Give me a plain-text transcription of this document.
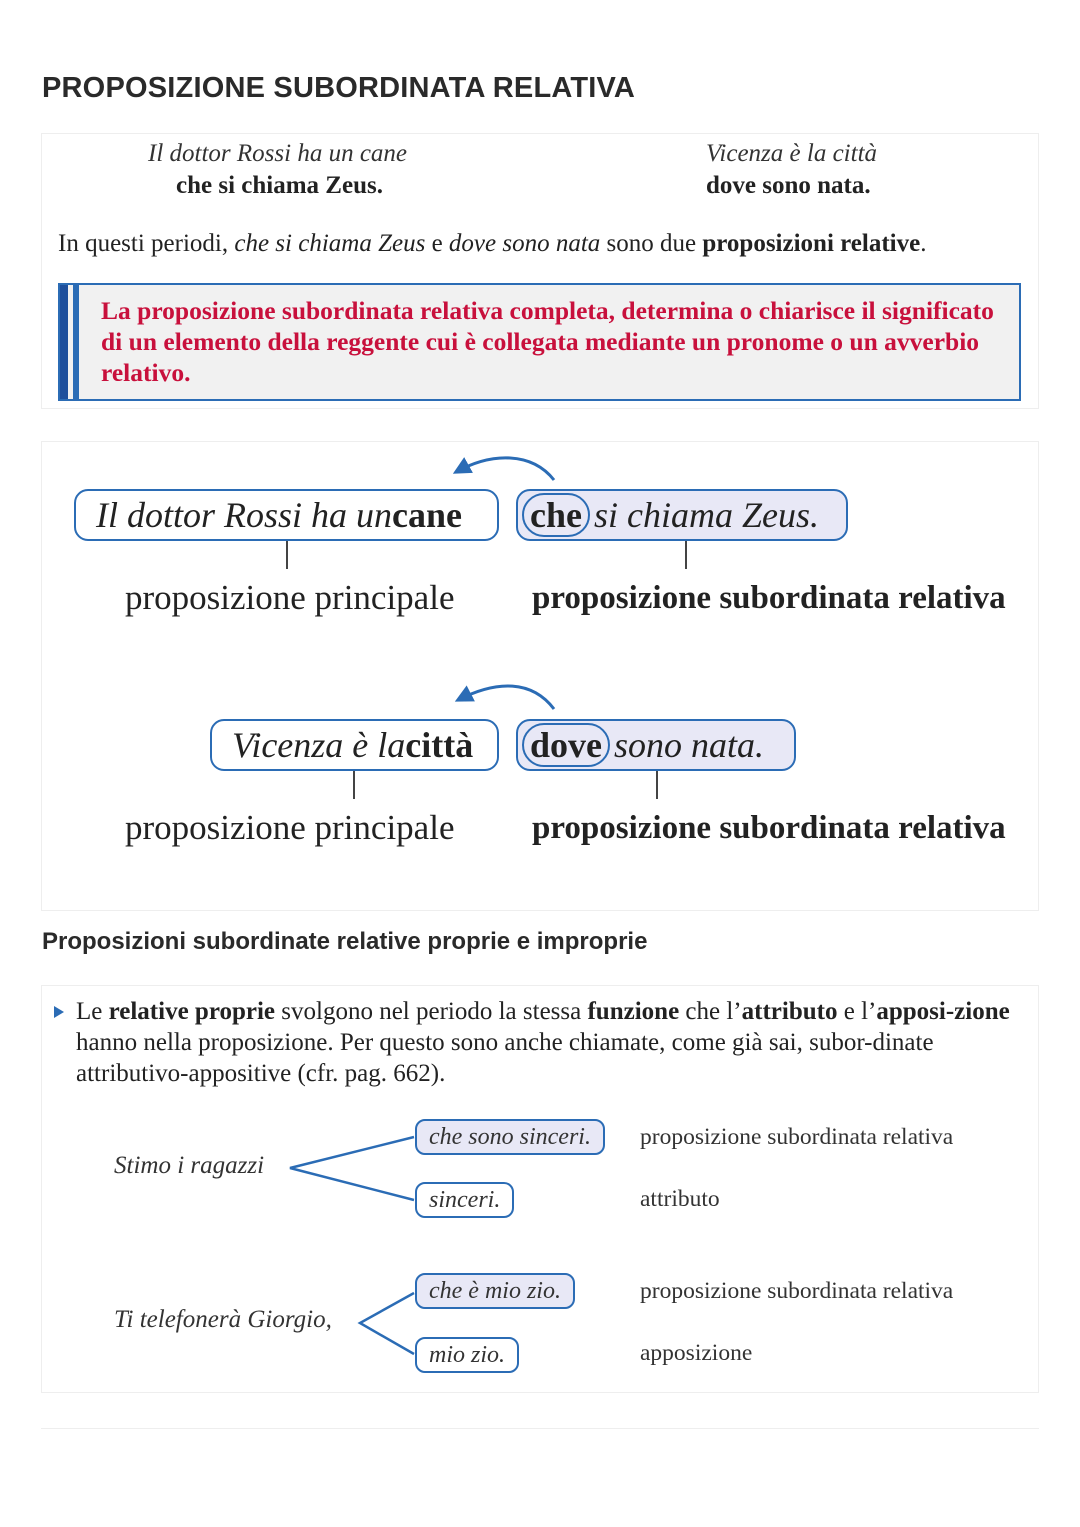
PROPOSIZIONE SUBORDINATA RELATIVA
Il dottor Rossi ha un cane
che si chiama Zeus.
Vicenza è la città
dove sono nata.
In questi periodi, che si chiama Zeus e dove sono nata sono due proposizioni relative.
La proposizione subordinata relativa completa, determina o chiarisce il significato di un elemento della reggente cui è collegata mediante un pronome o un avverbio relativo.
Il dottor Rossi ha un cane che si chiama Zeus.
proposizione principale proposizione subordinata relativa
Vicenza è la città dove sono nata.
proposizione principale proposizione subordinata relativa
Proposizioni subordinate relative proprie e improprie
Le relative proprie svolgono nel periodo la stessa funzione che l’attributo e l’apposi-zione hanno nella proposizione. Per questo sono anche chiamate, come già sai, subor-dinate attributivo-appositive (cfr. pag. 662).
Stimo i ragazzi
che sono sinceri.	proposizione subordinata relativa
sinceri.	attributo
Ti telefonerà Giorgio,
che è mio zio.	proposizione subordinata relativa
mio zio.	apposizione
